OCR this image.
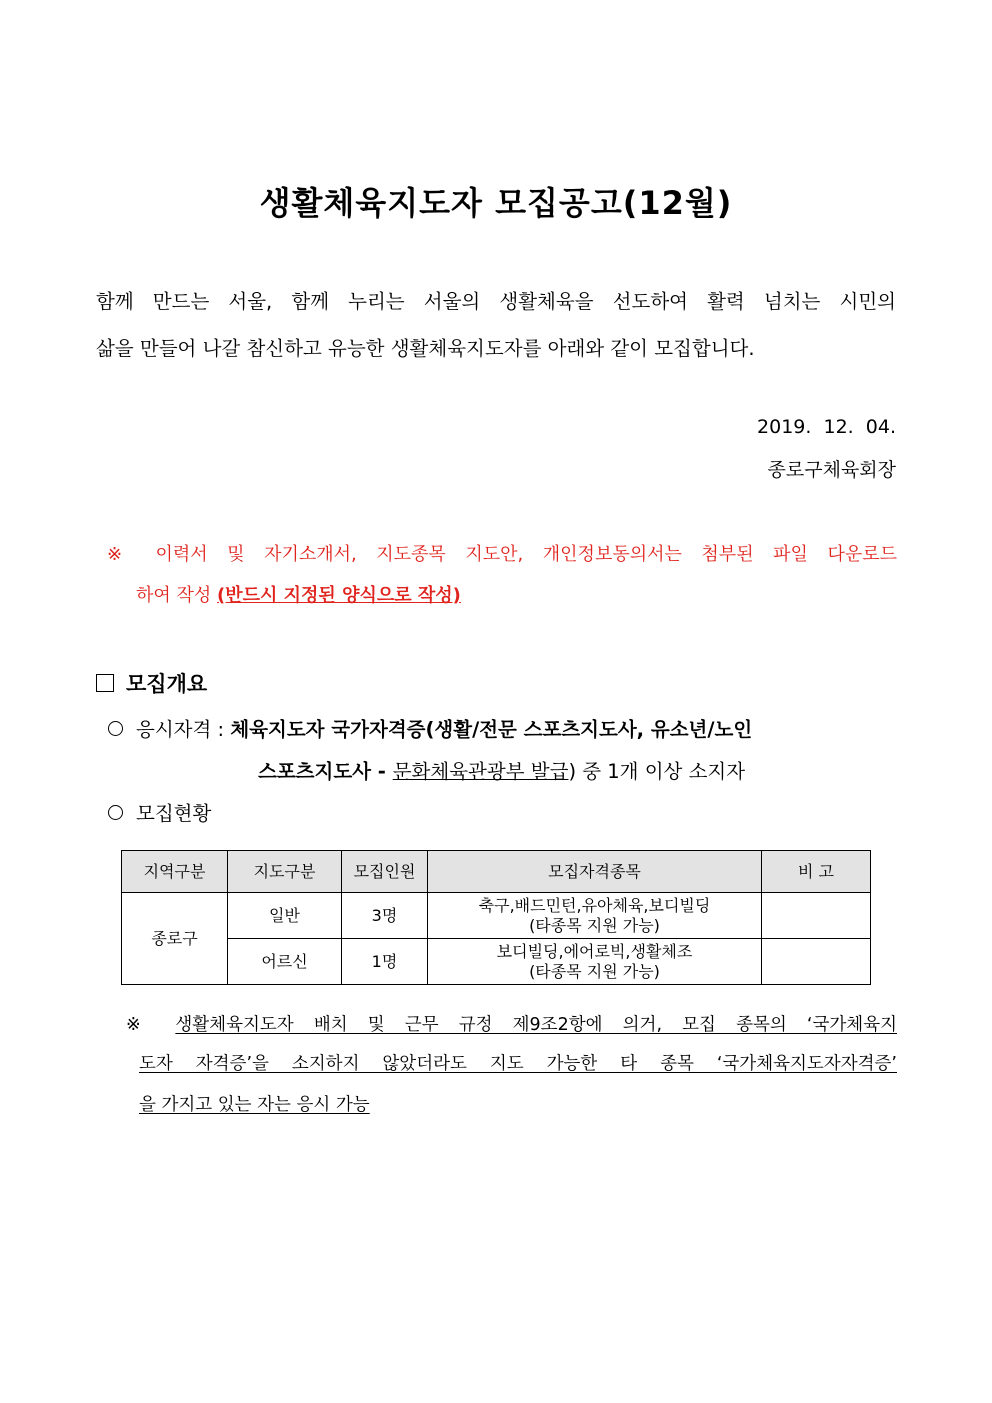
생활체육지도자 모집공고(12월)
함께 만드는 서울, 함께 누리는 서울의 생활체육을 선도하여 활력 넘치는 시민의
삶을 만들어 나갈 참신하고 유능한 생활체육지도자를 아래와 같이 모집합니다.
2019.  12.  04.
종로구체육회장
※ 이력서 및 자기소개서, 지도종목 지도안, 개인정보동의서는 첨부된 파일 다운로드
하여 작성 (반드시 지정된 양식으로 작성)
모집개요
응시자격 : 체육지도자 국가자격증(생활/전문 스포츠지도사, 유소년/노인
스포츠지도사 - 문화체육관광부 발급) 중 1개 이상 소지자
모집현황
지역구분	지도구분	모집인원	모집자격종목	비 고
종로구	일반	3명	축구,배드민턴,유아체육,보디빌딩
(타종목 지원 가능)	

	어르신	1명	보디빌딩,에어로빅,생활체조
(타종목 지원 가능)	

※ 생활체육지도자 배치 및 근무 규정 제9조2항에 의거, 모집 종목의 ‘국가체육지
도자 자격증’을 소지하지 않았더라도 지도 가능한 타 종목 ‘국가체육지도자자격증’
을 가지고 있는 자는 응시 가능
